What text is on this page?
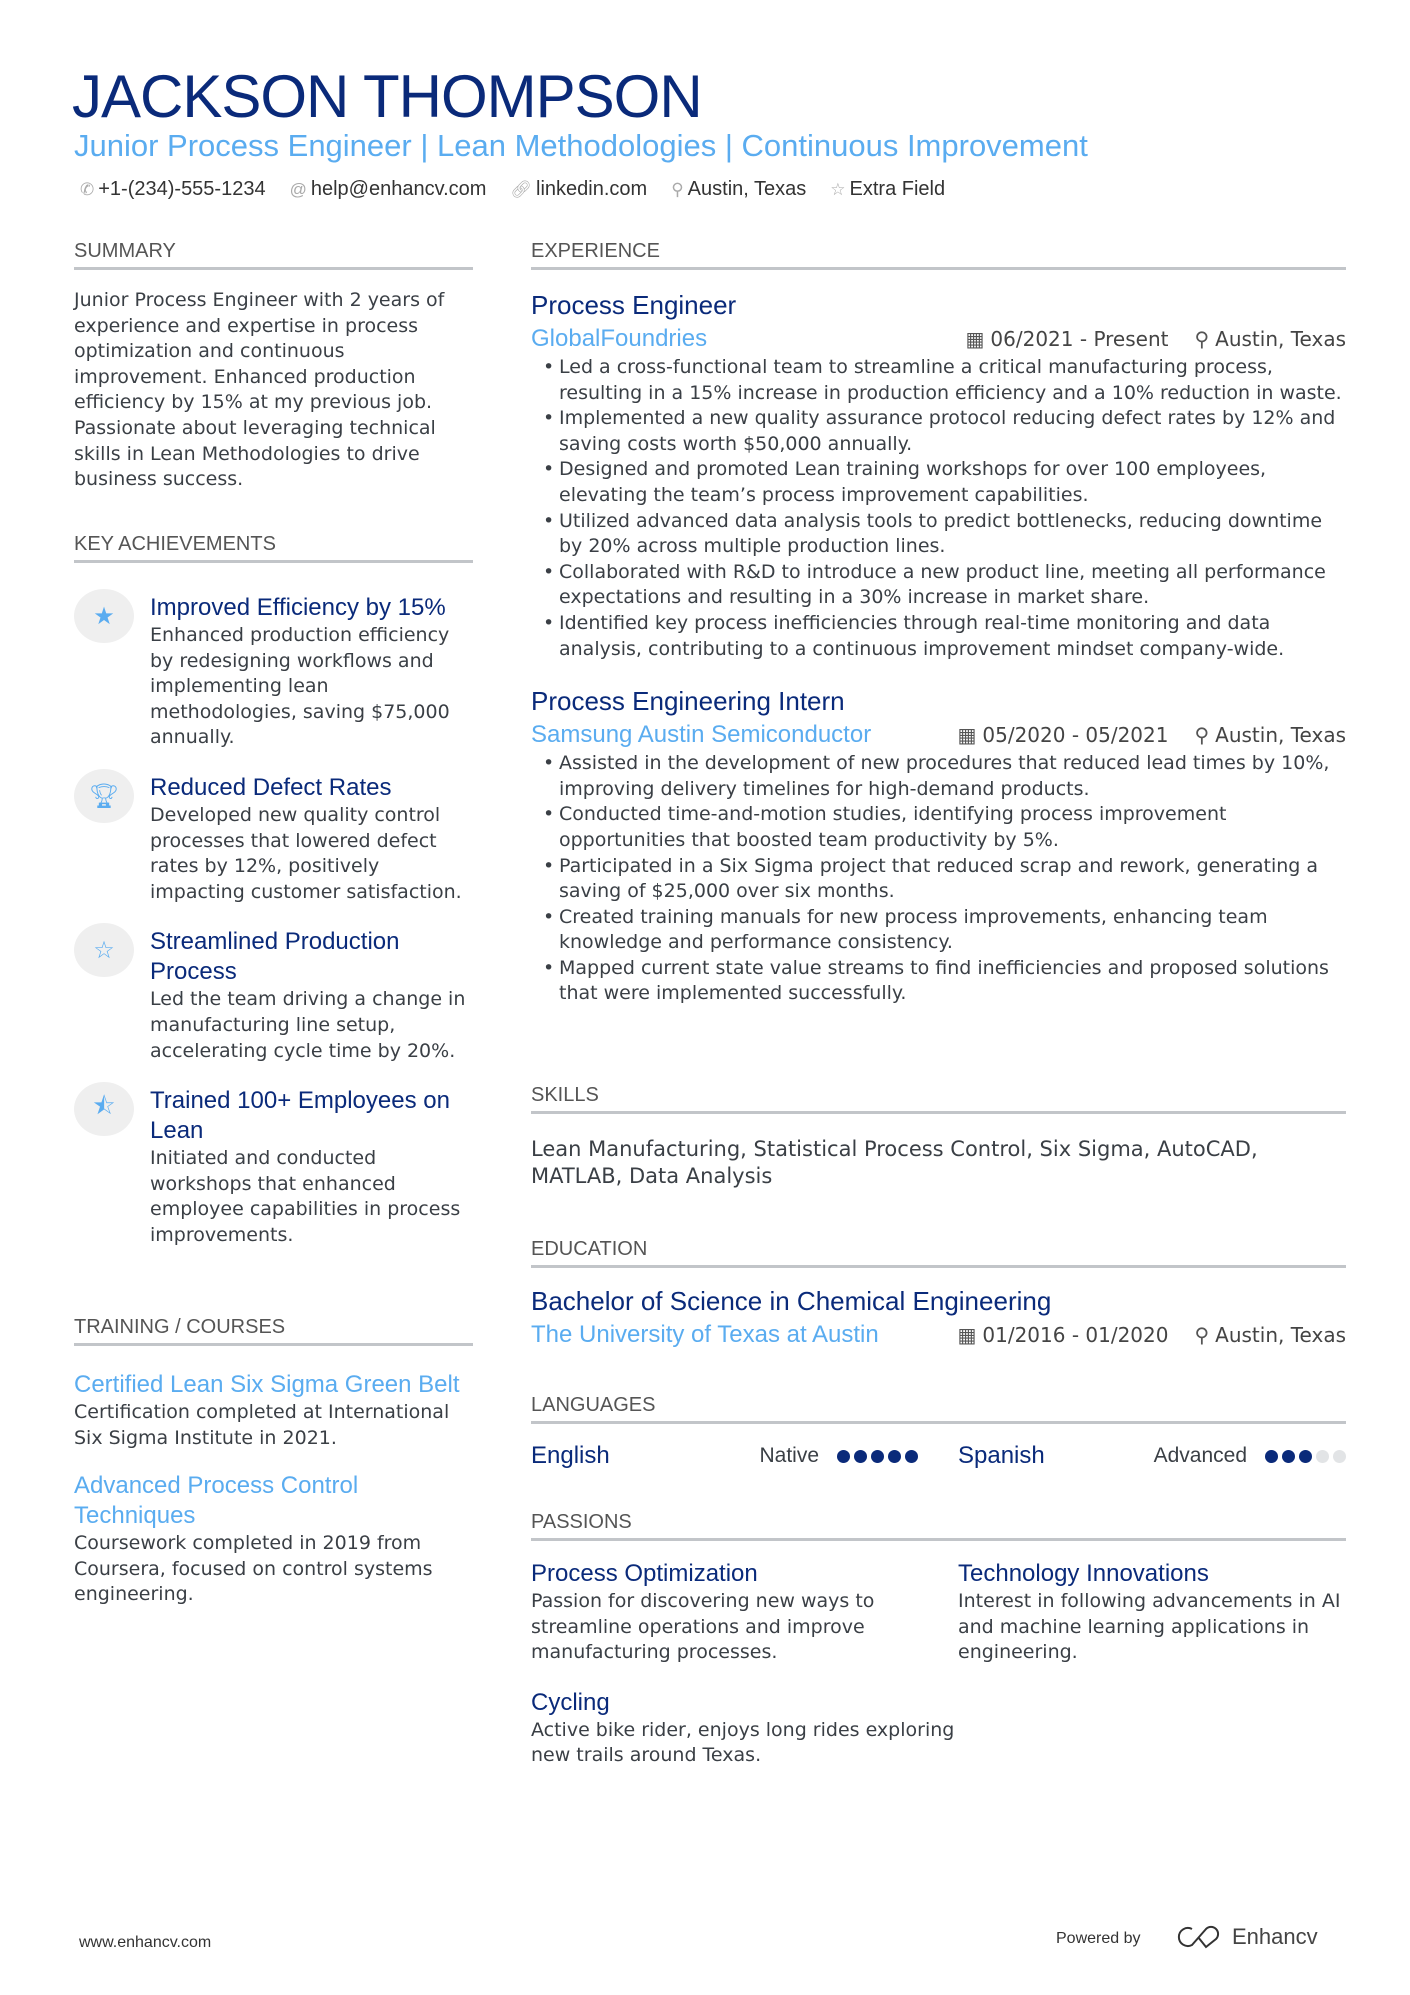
JACKSON THOMPSON
Junior Process Engineer | Lean Methodologies | Continuous Improvement
✆ +1-(234)-555-1234 @ help@enhancv.com 🔗︎ linkedin.com ⚲ Austin, Texas ☆ Extra Field
SUMMARY
Junior Process Engineer with 2 years of experience and expertise in process optimization and continuous improvement. Enhanced production efficiency by 15% at my previous job. Passionate about leveraging technical skills in Lean Methodologies to drive business success.
KEY ACHIEVEMENTS
★	Improved Efficiency by 15%
Enhanced production efficiency by redesigning workflows and implementing lean methodologies, saving $75,000 annually.
🏆︎	Reduced Defect Rates
Developed new quality control processes that lowered defect rates by 12%, positively impacting customer satisfaction.
☆	Streamlined Production Process
Led the team driving a change in manufacturing line setup, accelerating cycle time by 20%.
⯪	Trained 100+ Employees on Lean
Initiated and conducted workshops that enhanced employee capabilities in process improvements.
TRAINING / COURSES
Certified Lean Six Sigma Green Belt
Certification completed at International Six Sigma Institute in 2021.
Advanced Process Control Techniques
Coursework completed in 2019 from Coursera, focused on control systems engineering.
EXPERIENCE
Process Engineer
GlobalFoundries	▦ 06/2021 - Present ⚲ Austin, Texas
• Led a cross-functional team to streamline a critical manufacturing process, resulting in a 15% increase in production efficiency and a 10% reduction in waste.
• Implemented a new quality assurance protocol reducing defect rates by 12% and saving costs worth $50,000 annually.
• Designed and promoted Lean training workshops for over 100 employees, elevating the team’s process improvement capabilities.
• Utilized advanced data analysis tools to predict bottlenecks, reducing downtime by 20% across multiple production lines.
• Collaborated with R&D to introduce a new product line, meeting all performance expectations and resulting in a 30% increase in market share.
• Identified key process inefficiencies through real-time monitoring and data analysis, contributing to a continuous improvement mindset company-wide.
Process Engineering Intern
Samsung Austin Semiconductor	▦ 05/2020 - 05/2021 ⚲ Austin, Texas
• Assisted in the development of new procedures that reduced lead times by 10%, improving delivery timelines for high-demand products.
• Conducted time-and-motion studies, identifying process improvement opportunities that boosted team productivity by 5%.
• Participated in a Six Sigma project that reduced scrap and rework, generating a saving of $25,000 over six months.
• Created training manuals for new process improvements, enhancing team knowledge and performance consistency.
• Mapped current state value streams to find inefficiencies and proposed solutions that were implemented successfully.
SKILLS
Lean Manufacturing, Statistical Process Control, Six Sigma, AutoCAD, MATLAB, Data Analysis
EDUCATION
Bachelor of Science in Chemical Engineering
The University of Texas at Austin	▦ 01/2016 - 01/2020 ⚲ Austin, Texas
LANGUAGES
English	Native	Spanish	Advanced
PASSIONS
Process Optimization
Passion for discovering new ways to streamline operations and improve manufacturing processes.
Technology Innovations
Interest in following advancements in AI and machine learning applications in engineering.
Cycling
Active bike rider, enjoys long rides exploring new trails around Texas.
www.enhancv.com	Powered by	Enhancv
